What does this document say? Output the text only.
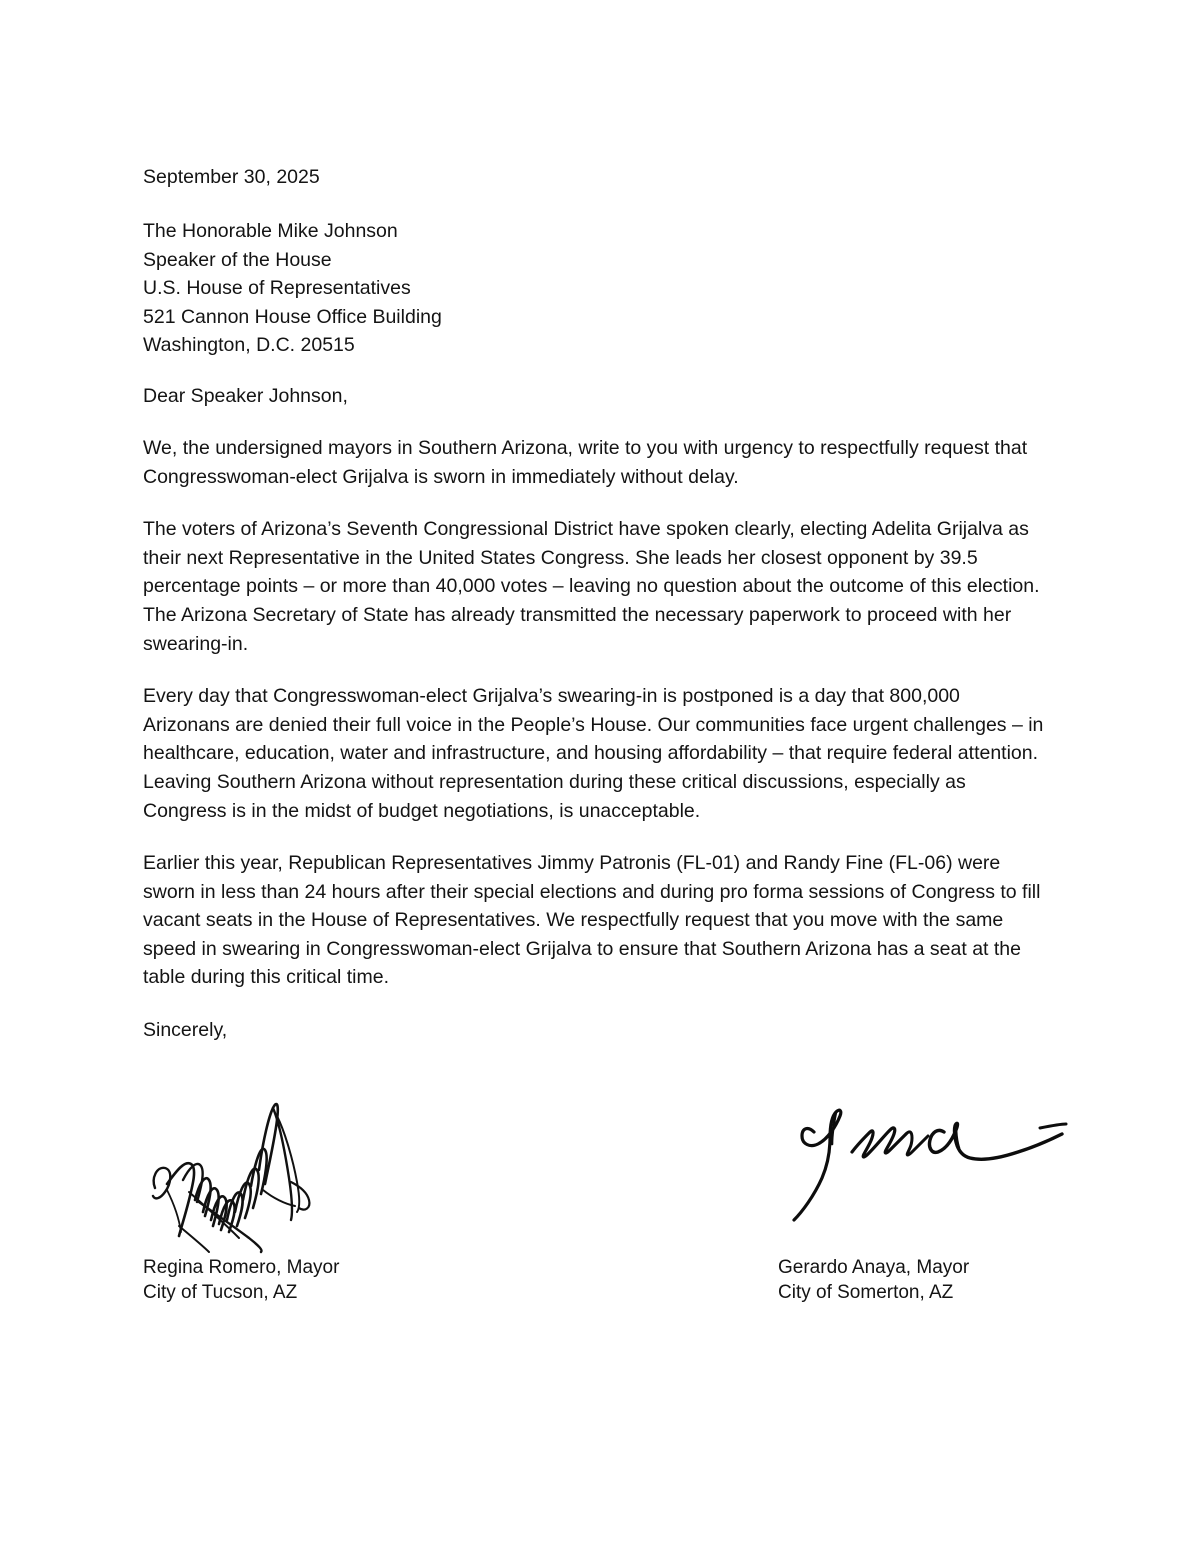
September 30, 2025
The Honorable Mike Johnson
Speaker of the House
U.S. House of Representatives
521 Cannon House Office Building
Washington, D.C. 20515
Dear Speaker Johnson,

We, the undersigned mayors in Southern Arizona, write to you with urgency to respectfully request that Congresswoman-elect Grijalva is sworn in immediately without delay.

The voters of Arizona’s Seventh Congressional District have spoken clearly, electing Adelita Grijalva as their next Representative in the United States Congress. She leads her closest opponent by 39.5 percentage points – or more than 40,000 votes – leaving no question about the outcome of this election. The Arizona Secretary of State has already transmitted the necessary paperwork to proceed with her swearing-in.

Every day that Congresswoman-elect Grijalva’s swearing-in is postponed is a day that 800,000 Arizonans are denied their full voice in the People’s House. Our communities face urgent challenges – in healthcare, education, water and infrastructure, and housing affordability – that require federal attention. Leaving Southern Arizona without representation during these critical discussions, especially as Congress is in the midst of budget negotiations, is unacceptable.

Earlier this year, Republican Representatives Jimmy Patronis (FL-01) and Randy Fine (FL-06) were sworn in less than 24 hours after their special elections and during pro forma sessions of Congress to fill vacant seats in the House of Representatives. We respectfully request that you move with the same speed in swearing in Congresswoman-elect Grijalva to ensure that Southern Arizona has a seat at the table during this critical time.

Sincerely,
Regina Romero, Mayor
City of Tucson, AZ
Gerardo Anaya, Mayor
City of Somerton, AZ
